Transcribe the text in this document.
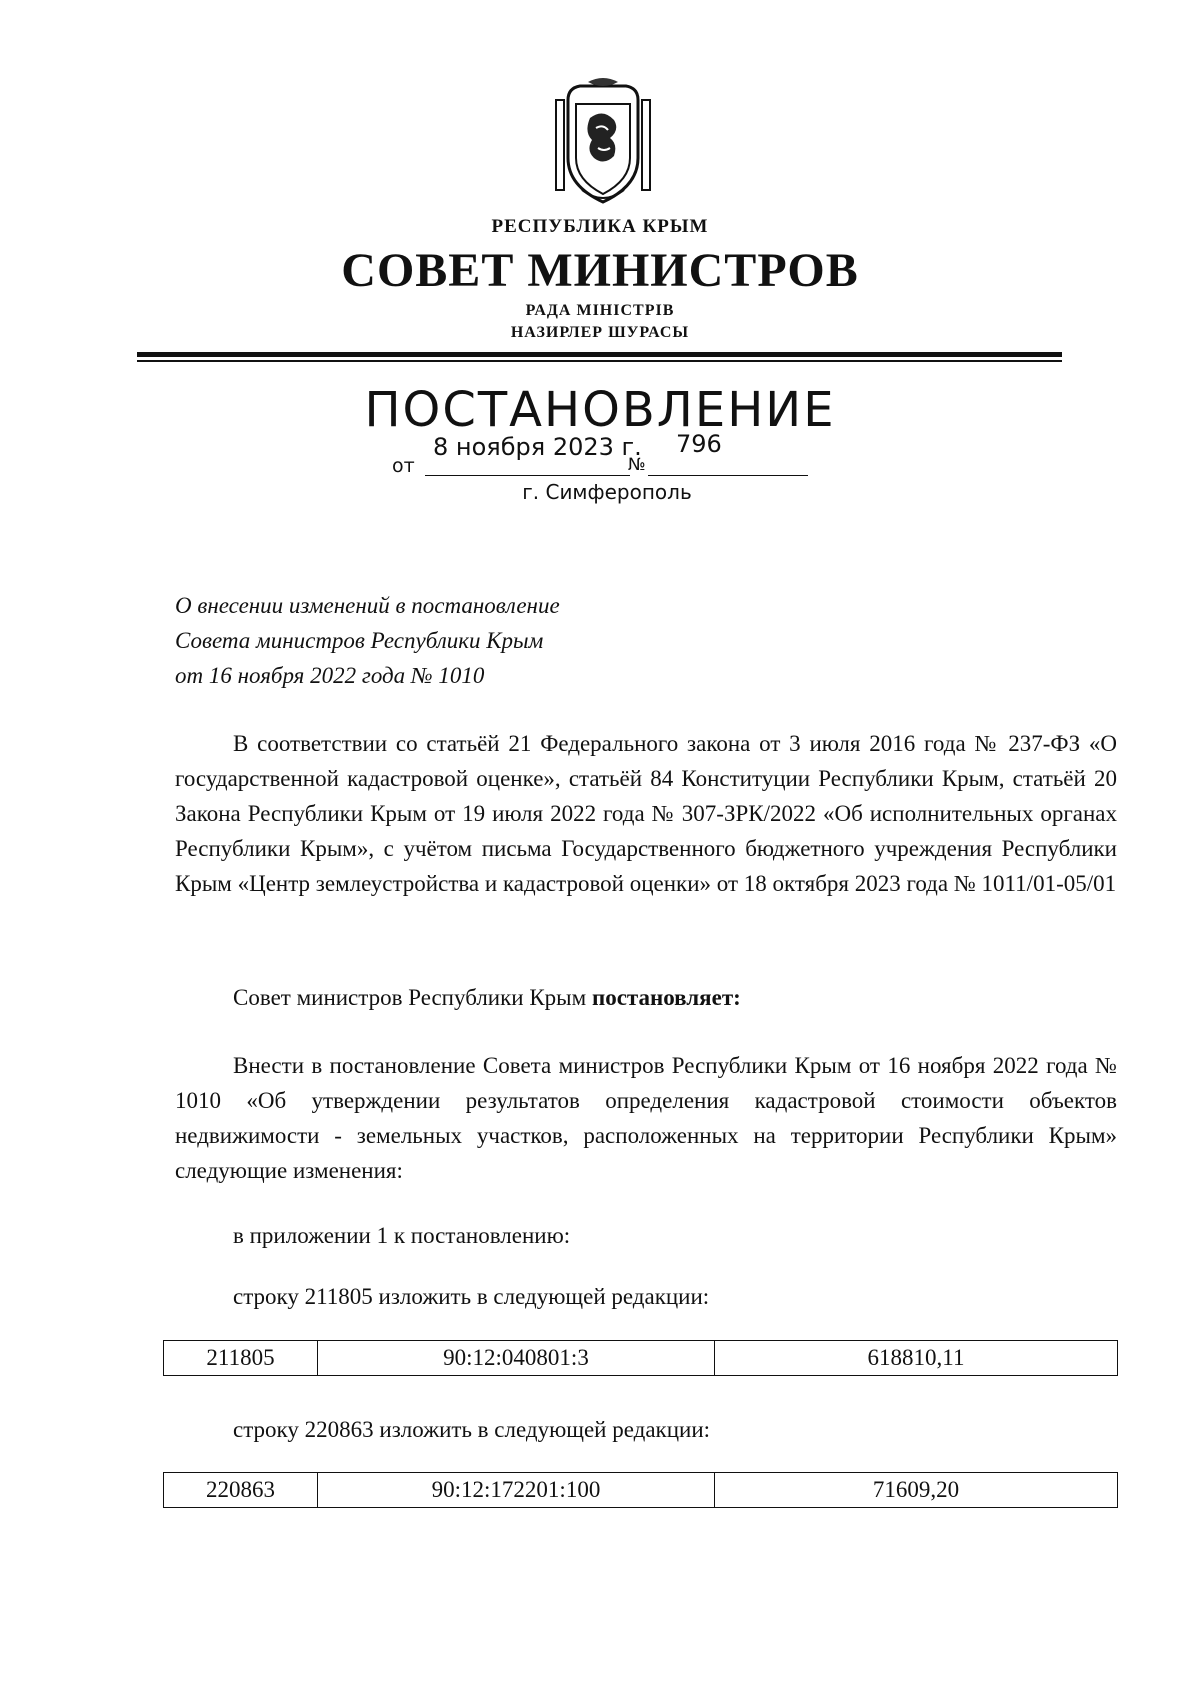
РЕСПУБЛИКА КРЫМ
СОВЕТ МИНИСТРОВ
РАДА МІНІСТРІВ
НАЗИРЛЕР ШУРАСЫ
ПОСТАНОВЛЕНИЕ
от
8 ноября 2023 г.
№
796
г. Симферополь
О внесении изменений в постановление
Совета министров Республики Крым
от 16 ноября 2022 года № 1010
В соответствии со статьёй 21 Федерального закона от 3 июля 2016 года № 237-ФЗ «О государственной кадастровой оценке», статьёй 84 Конституции Республики Крым, статьёй 20 Закона Республики Крым от 19 июля 2022 года № 307-ЗРК/2022 «Об исполнительных органах Республики Крым», с учётом письма Государственного бюджетного учреждения Республики Крым «Центр землеустройства и кадастровой оценки» от 18 октября 2023 года № 1011/01-05/01
Совет министров Республики Крым постановляет:
Внести в постановление Совета министров Республики Крым от 16 ноября 2022 года № 1010 «Об утверждении результатов определения кадастровой стоимости объектов недвижимости - земельных участков, расположенных на территории Республики Крым» следующие изменения:
в приложении 1 к постановлению:
строку 211805 изложить в следующей редакции:
211805	90:12:040801:3	618810,11
строку 220863 изложить в следующей редакции:
220863	90:12:172201:100	71609,20
